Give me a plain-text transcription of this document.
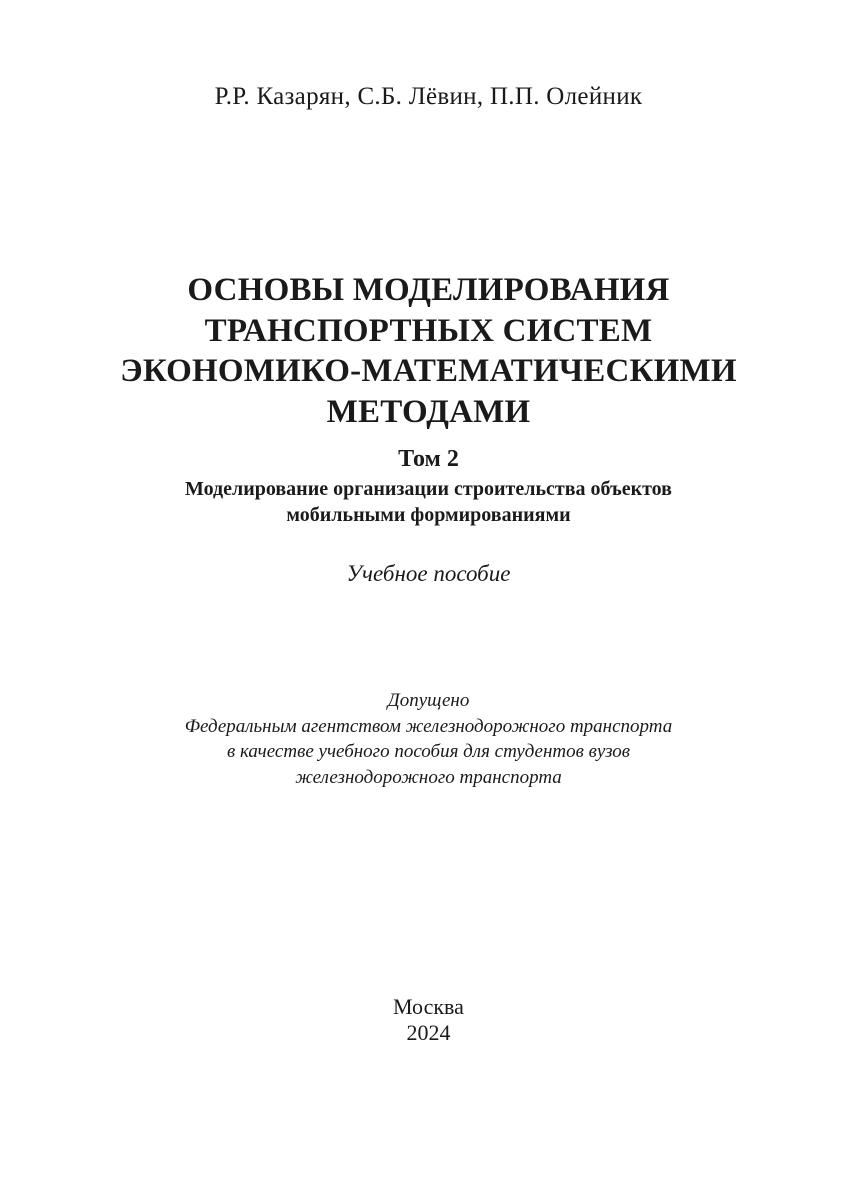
Р.Р. Казарян, С.Б. Лёвин, П.П. Олейник
ОСНОВЫ МОДЕЛИРОВАНИЯ
ТРАНСПОРТНЫХ СИСТЕМ
ЭКОНОМИКО-МАТЕМАТИЧЕСКИМИ
МЕТОДАМИ
Том 2
Моделирование организации строительства объектов
мобильными формированиями
Учебное пособие
Допущено
Федеральным агентством железнодорожного транспорта
в качестве учебного пособия для студентов вузов
железнодорожного транспорта
Москва
2024
